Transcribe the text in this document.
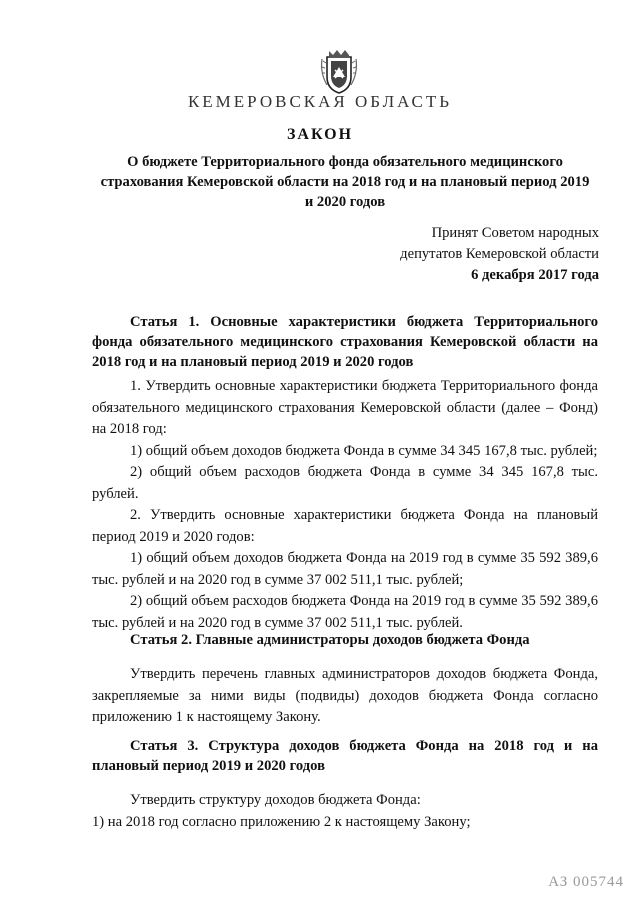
КЕМЕРОВСКАЯ ОБЛАСТЬ
ЗАКОН
О бюджете Территориального фонда обязательного медицинского страхования Кемеровской области на 2018 год и на плановый период 2019 и 2020 годов
Принят Советом народных
депутатов Кемеровской области
6 декабря 2017 года
Статья 1. Основные характеристики бюджета Территориального фонда обязательного медицинского страхования Кемеровской области на 2018 год и на плановый период 2019 и 2020 годов

1. Утвердить основные характеристики бюджета Территориального фонда обязательного медицинского страхования Кемеровской области (далее – Фонд) на 2018 год:

1) общий объем доходов бюджета Фонда в сумме 34 345 167,8 тыс. рублей;

2) общий объем расходов бюджета Фонда в сумме 34 345 167,8 тыс. рублей.

2. Утвердить основные характеристики бюджета Фонда на плановый период 2019 и 2020 годов:

1) общий объем доходов бюджета Фонда на 2019 год в сумме 35 592 389,6 тыс. рублей и на 2020 год в сумме 37 002 511,1 тыс. рублей;

2) общий объем расходов бюджета Фонда на 2019 год в сумме 35 592 389,6 тыс. рублей и на 2020 год в сумме 37 002 511,1 тыс. рублей.

Статья 2. Главные администраторы доходов бюджета Фонда

Утвердить перечень главных администраторов доходов бюджета Фонда, закрепляемые за ними виды (подвиды) доходов бюджета Фонда согласно приложению 1 к настоящему Закону.

Статья 3. Структура доходов бюджета Фонда на 2018 год и на плановый период 2019 и 2020 годов

Утвердить структуру доходов бюджета Фонда:

1) на 2018 год согласно приложению 2 к настоящему Закону;

АЗ 005744
